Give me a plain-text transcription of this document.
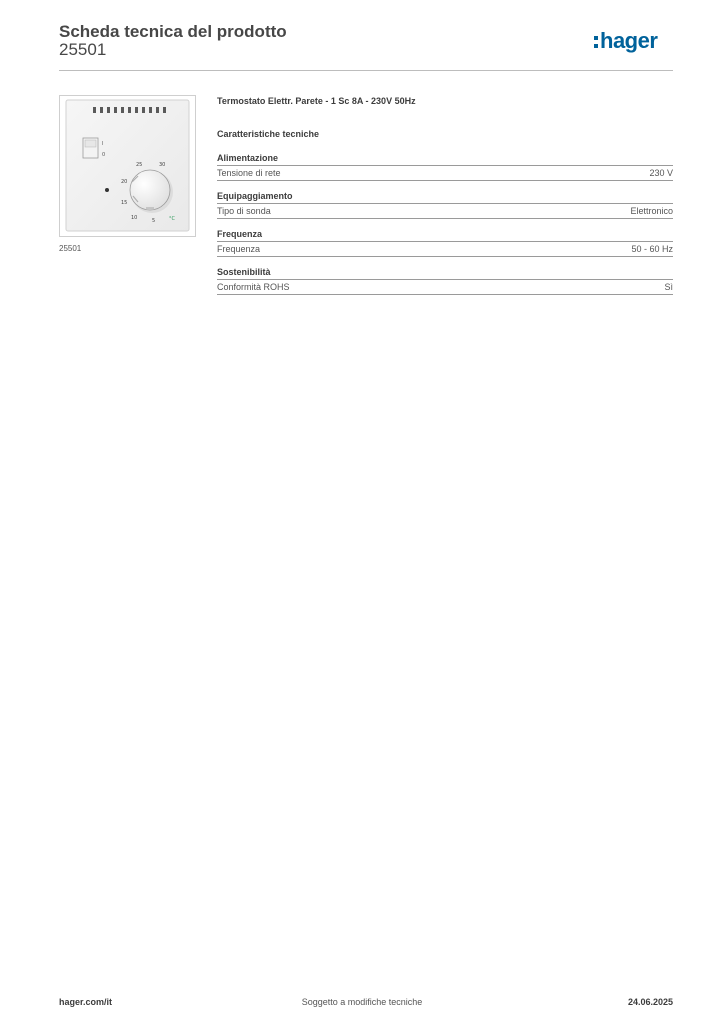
Scheda tecnica del prodotto
25501	hager
I
0
25	30
20
15
10	5	°C
25501
Termostato Elettr. Parete - 1 Sc 8A - 230V 50Hz
Caratteristiche tecniche
Alimentazione
Tensione di rete	230 V
Equipaggiamento
Tipo di sonda	Elettronico
Frequenza
Frequenza	50 - 60 Hz
Sostenibilità
Conformità ROHS	Sì
hager.com/it	Soggetto a modifiche tecniche	24.06.2025
